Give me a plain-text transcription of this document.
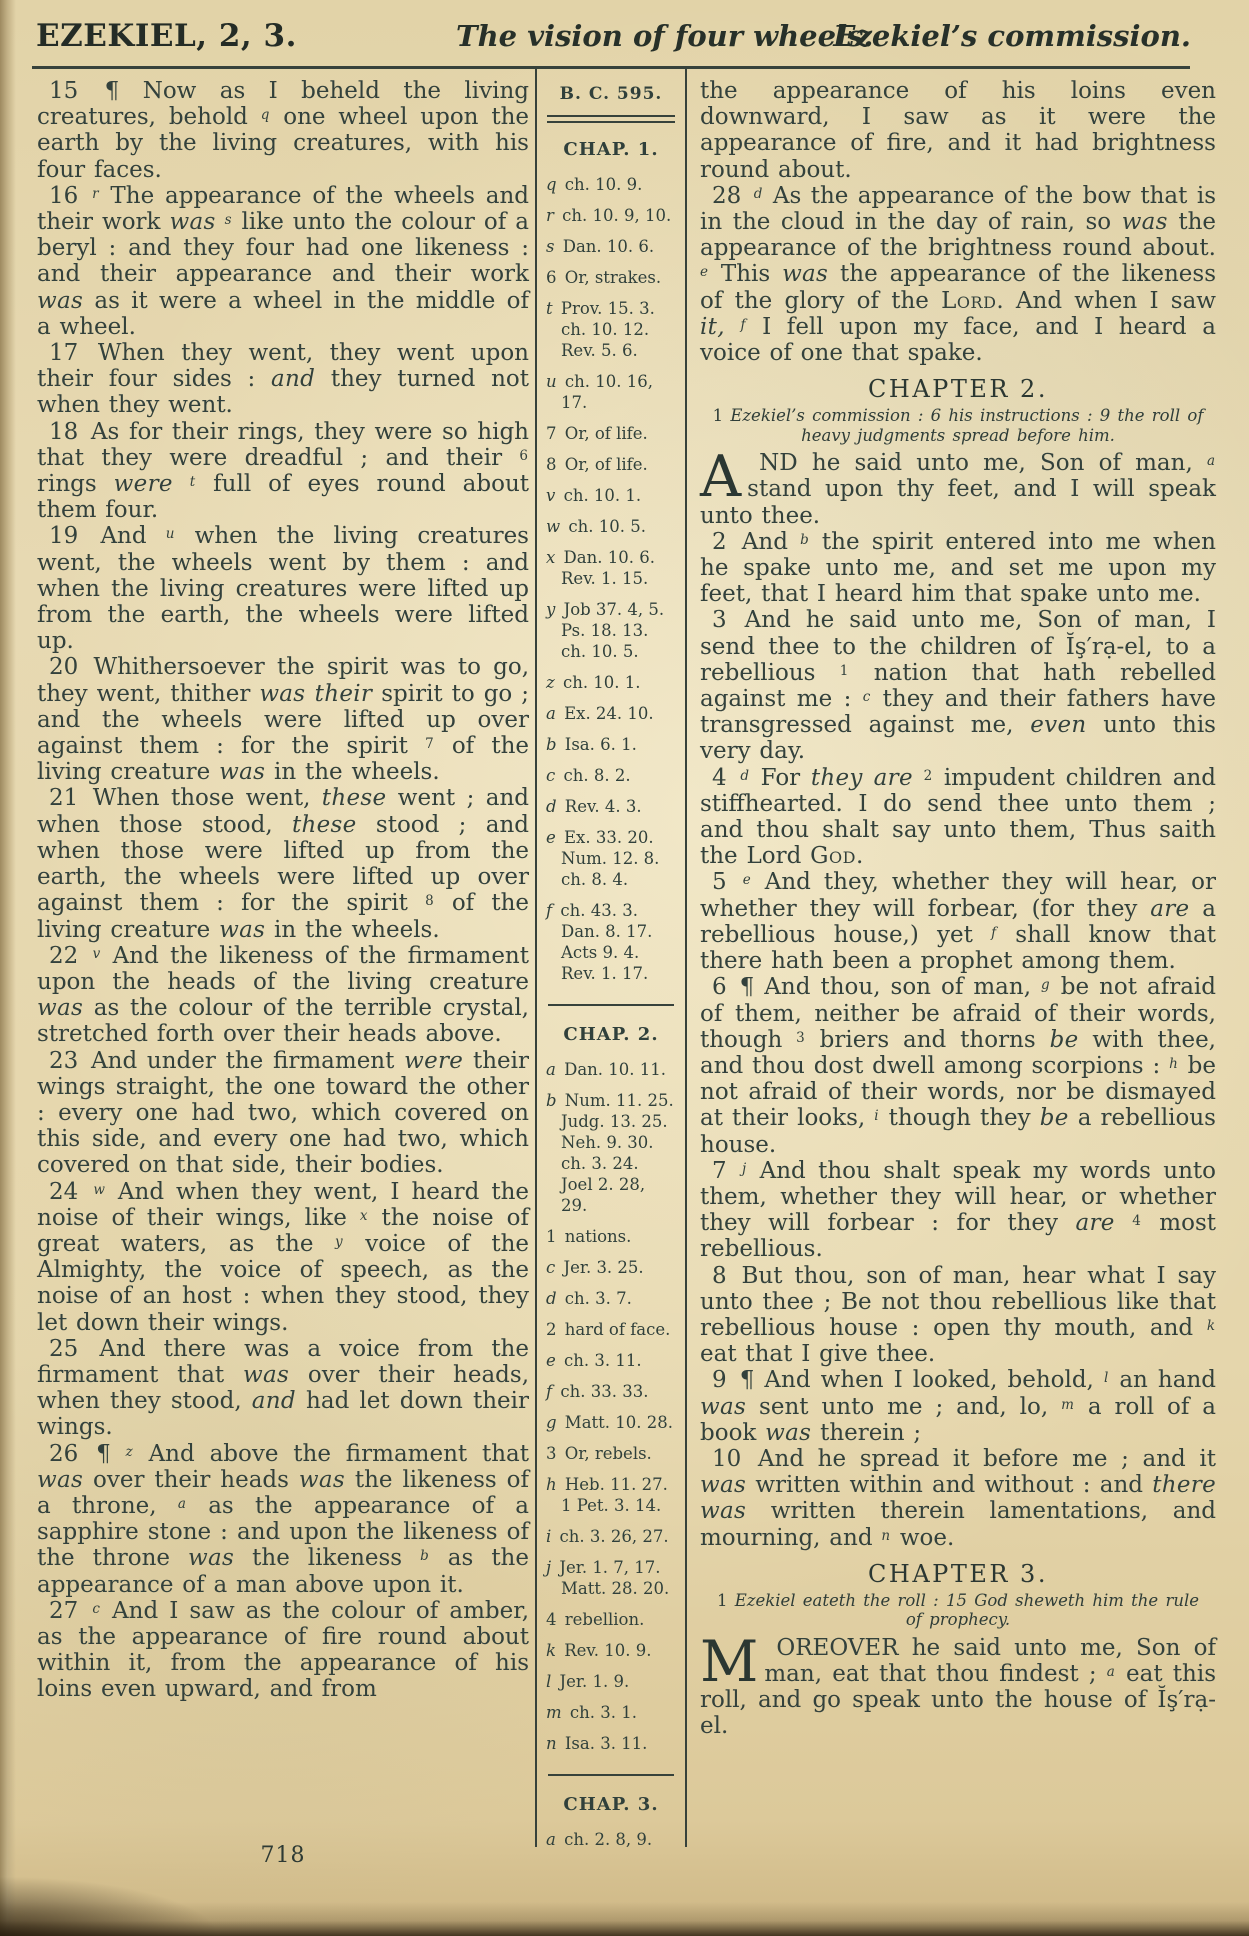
EZEKIEL, 2, 3.	The vision of four wheels.
Ezekiel’s commission.

15 ¶ Now as I beheld the living creatures, behold $^q$ one wheel upon the earth by the living creatures, with his four faces.

16 $^r$ The appearance of the wheels and their work was $^s$ like unto the colour of a beryl : and they four had one likeness : and their appearance and their work was as it were a wheel in the middle of a wheel.

17 When they went, they went upon their four sides : and they turned not when they went.

18 As for their rings, they were so high that they were dreadful ; and their $^6$ rings were $^t$ full of eyes round about them four.

19 And $^u$ when the living creatures went, the wheels went by them : and when the living creatures were lifted up from the earth, the wheels were lifted up.

20 Whithersoever the spirit was to go, they went, thither was their spirit to go ; and the wheels were lifted up over against them : for the spirit $^7$ of the living creature was in the wheels.

21 When those went, these went ; and when those stood, these stood ; and when those were lifted up from the earth, the wheels were lifted up over against them : for the spirit $^8$ of the living creature was in the wheels.

22 $^v$ And the likeness of the firmament upon the heads of the living creature was as the colour of the terrible crystal, stretched forth over their heads above.

23 And under the firmament were their wings straight, the one toward the other : every one had two, which covered on this side, and every one had two, which covered on that side, their bodies.

24 $^w$ And when they went, I heard the noise of their wings, like $^x$ the noise of great waters, as the $^y$ voice of the Almighty, the voice of speech, as the noise of an host : when they stood, they let down their wings.

25 And there was a voice from the firmament that was over their heads, when they stood, and had let down their wings.

26 ¶ $^z$ And above the firmament that was over their heads was the likeness of a throne, $^a$ as the appearance of a sapphire stone : and upon the likeness of the throne was the likeness $^b$ as the appearance of a man above upon it.

27 $^c$ And I saw as the colour of amber, as the appearance of fire round about within it, from the appearance of his loins even upward, and from

B. C. 595.
CHAP. 1.

q ch. 10. 9.

r ch. 10. 9, 10.

s Dan. 10. 6.

6 Or, strakes.

t Prov. 15. 3.
ch. 10. 12.
Rev. 5. 6.

u ch. 10. 16, 17.

7 Or, of life.

8 Or, of life.

v ch. 10. 1.

w ch. 10. 5.

x Dan. 10. 6.
Rev. 1. 15.

y Job 37. 4, 5.
Ps. 18. 13.
ch. 10. 5.

z ch. 10. 1.

a Ex. 24. 10.

b Isa. 6. 1.

c ch. 8. 2.

d Rev. 4. 3.

e Ex. 33. 20.
Num. 12. 8.
ch. 8. 4.

f ch. 43. 3.
Dan. 8. 17.
Acts 9. 4.
Rev. 1. 17.

CHAP. 2.

a Dan. 10. 11.

b Num. 11. 25.
Judg. 13. 25.
Neh. 9. 30.
ch. 3. 24.
Joel 2. 28, 29.

1 nations.

c Jer. 3. 25.

d ch. 3. 7.

2 hard of face.

e ch. 3. 11.

f ch. 33. 33.

g Matt. 10. 28.

3 Or, rebels.

h Heb. 11. 27.
1 Pet. 3. 14.

i ch. 3. 26, 27.

j Jer. 1. 7, 17.
Matt. 28. 20.

4 rebellion.

k Rev. 10. 9.

l Jer. 1. 9.

m ch. 3. 1.

n Isa. 3. 11.

CHAP. 3.

a ch. 2. 8, 9.

the appearance of his loins even downward, I saw as it were the appearance of fire, and it had brightness round about.

28 $^d$ As the appearance of the bow that is in the cloud in the day of rain, so was the appearance of the brightness round about. $^e$ This was the appearance of the likeness of the glory of the Lord. And when I saw it, $^f$ I fell upon my face, and I heard a voice of one that spake.

CHAPTER 2.

1 Ezekiel’s commission : 6 his instructions : 9 the roll of heavy judgments spread before him.

AND he said unto me, Son of man, $^a$ stand upon thy feet, and I will speak unto thee.

2 And $^b$ the spirit entered into me when he spake unto me, and set me upon my feet, that I heard him that spake unto me.

3 And he said unto me, Son of man, I send thee to the children of Ĭş′rạ-el, to a rebellious $^1$ nation that hath rebelled against me : $^c$ they and their fathers have transgressed against me, even unto this very day.

4 $^d$ For they are $^2$ impudent children and stiffhearted. I do send thee unto them ; and thou shalt say unto them, Thus saith the Lord God.

5 $^e$ And they, whether they will hear, or whether they will forbear, (for they are a rebellious house,) yet $^f$ shall know that there hath been a prophet among them.

6 ¶ And thou, son of man, $^g$ be not afraid of them, neither be afraid of their words, though $^3$ briers and thorns be with thee, and thou dost dwell among scorpions : $^h$ be not afraid of their words, nor be dismayed at their looks, $^i$ though they be a rebellious house.

7 $^j$ And thou shalt speak my words unto them, whether they will hear, or whether they will forbear : for they are $^4$ most rebellious.

8 But thou, son of man, hear what I say unto thee ; Be not thou rebellious like that rebellious house : open thy mouth, and $^k$ eat that I give thee.

9 ¶ And when I looked, behold, $^l$ an hand was sent unto me ; and, lo, $^m$ a roll of a book was therein ;

10 And he spread it before me ; and it was written within and without : and there was written therein lamentations, and mourning, and $^n$ woe.

CHAPTER 3.

1 Ezekiel eateth the roll : 15 God sheweth him the rule of prophecy.

MOREOVER he said unto me, Son of man, eat that thou findest ; $^a$ eat this roll, and go speak unto the house of Ĭş′rạ-el.

718
